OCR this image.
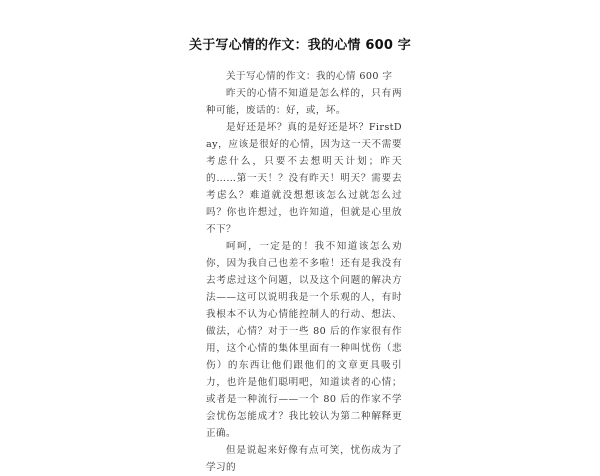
关于写心情的作文：我的心情 600 字

关于写心情的作文：我的心情 600 字

昨天的心情不知道是怎么样的，只有两种可能，废话的：好，或，坏。

是好还是坏？真的是好还是坏？FirstDay，应该是很好的心情，因为这一天不需要考虑什么，只要不去想明天计划；昨天的……第一天！？没有昨天！明天？需要去考虑么？难道就没想想该怎么过就怎么过吗？你也许想过，也许知道，但就是心里放不下？

呵呵，一定是的！我不知道该怎么劝你，因为我自己也差不多啦！还有是我没有去考虑过这个问题，以及这个问题的解决方法——这可以说明我是一个乐观的人，有时我根本不认为心情能控制人的行动、想法、做法，心情？对于一些 80 后的作家很有作用，这个心情的集体里面有一种叫忧伤（悲伤）的东西让他们跟他们的文章更具吸引力，也许是他们聪明吧，知道读者的心情；或者是一种流行——一个 80 后的作家不学会忧伤怎能成才？我比较认为第二种解释更正确。

但是说起来好像有点可笑，忧伤成为了学习的
